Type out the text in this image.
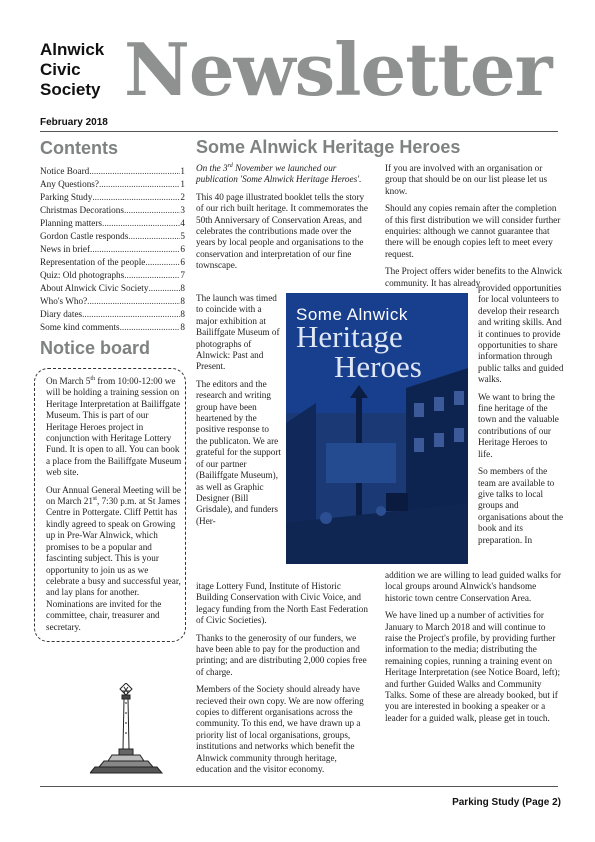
Alnwick
Civic
Society Newsletter
February 2018
Contents
Notice Board .....	1
Any Questions? .....	1
Parking Study .....	2
Christmas Decorations .....	3
Planning matters .....	4
Gordon Castle responds .....	5
News in brief .....	6
Representation of the people .....	6
Quiz: Old photographs .....	7
About Alnwick Civic Society .....	8
Who's Who? .....	8
Diary dates .....	8
Some kind comments .....	8
Notice board

On March 5th from 10:00-12:00 we will be holding a training session on Heritage Interpretation at Bailiffgate Museum. This is part of our Heritage Heroes project in conjunction with Heritage Lottery Fund. It is open to all. You can book a place from the Bailiffgate Museum web site.

Our Annual General Meeting will be on March 21st, 7:30 p.m. at St James Centre in Pottergate. Cliff Pettit has kindly agreed to speak on Growing up in Pre-War Alnwick, which promises to be a popular and fascinting subject. This is your opportunity to join us as we celebrate a busy and successful year, and lay plans for another. Nominations are invited for the committee, chair, treasurer and secretary.

Some Alnwick Heritage Heroes

On the 3rd November we launched our publication 'Some Alnwick Heritage Heroes'.

This 40 page illustrated booklet tells the story of our rich built heritage. It commemorates the 50th Anniversary of Conservation Areas, and celebrates the contributions made over the years by local people and organisations to the conservation and interpretation of our fine townscape.

The launch was timed to coincide with a major exhibition at Bailiffgate Museum of photographs of Alnwick: Past and Present.

The editors and the research and writing group have been heartened by the positive response to the publicaton. We are grateful for the support of our partner (Bailiffgate Museum), as well as Graphic Designer (Bill Grisdale), and funders (Her-

itage Lottery Fund, Institute of Historic Building Conservation with Civic Voice, and legacy funding from the North East Federation of Civic Societies).

Thanks to the generosity of our funders, we have been able to pay for the production and printing; and are distributing 2,000 copies free of charge.

Members of the Society should already have recieved their own copy. We are now offering copies to different organisations across the community. To this end, we have drawn up a priority list of local organisations, groups, institutions and networks which benefit the Alnwick community through heritage, education and the visitor economy.

Some Alnwick
Heritage
Heroes

If you are involved with an organisation or group that should be on our list please let us know.

Should any copies remain after the completion of this first distribution we will consider further enquiries: although we cannot guarantee that there will be enough copies left to meet every request.

The Project offers wider benefits to the Alnwick community. It has already

provided opportunities for local volunteers to develop their research and writing skills. And it continues to provide opportunities to share information through public talks and guided walks.

We want to bring the fine heritage of the town and the valuable contributions of our Heritage Heroes to life.

So members of the team are available to give talks to local groups and organisations about the book and its preparation. In

addition we are willing to lead guided walks for local groups around Alnwick's handsome historic town centre Conservation Area.

We have lined up a number of activities for January to March 2018 and will continue to raise the Project's profile, by providing further information to the media; distributing the remaining copies, running a training event on Heritage Interpretation (see Notice Board, left); and further Guided Walks and Community Talks. Some of these are already booked, but if you are interested in booking a speaker or a leader for a guided walk, please get in touch.

Parking Study (Page 2)
